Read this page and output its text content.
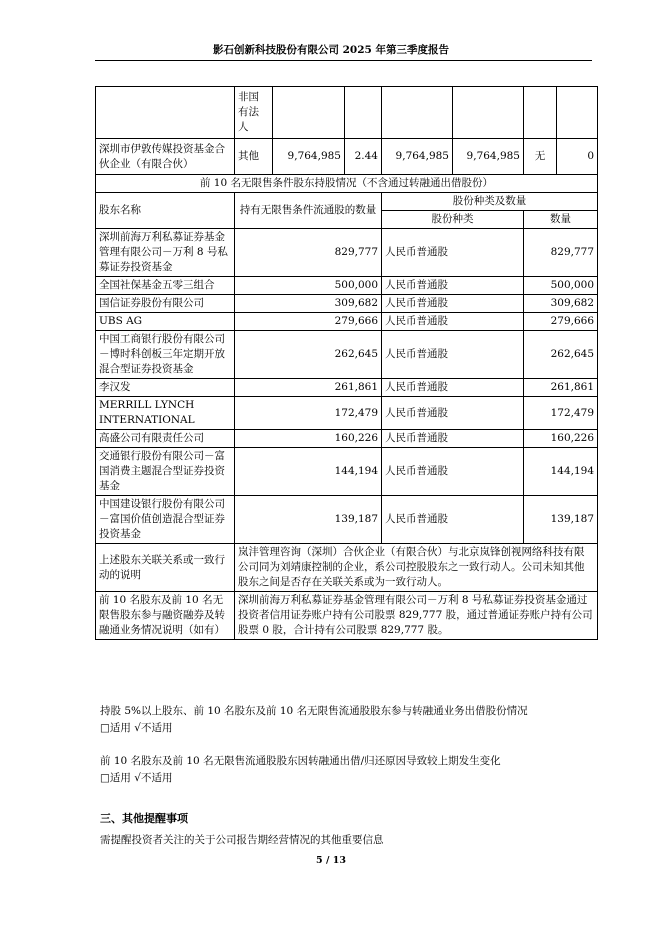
影石创新科技股份有限公司 2025 年第三季度报告
	非国有法人						
深圳市伊敦传媒投资基金合伙企业（有限合伙）	其他	9,764,985	2.44	9,764,985	9,764,985	无	0
前 10 名无限售条件股东持股情况（不含通过转融通出借股份）							
股东名称	持有无限售条件流通股的数量			股份种类及数量			
				股份种类		数量	
深圳前海万利私募证券基金管理有限公司－万利 8 号私募证券投资基金	829,777			人民币普通股		829,777	
全国社保基金五零三组合	500,000			人民币普通股		500,000	
国信证券股份有限公司	309,682			人民币普通股		309,682	
UBS AG	279,666			人民币普通股		279,666	
中国工商银行股份有限公司－博时科创板三年定期开放混合型证券投资基金	262,645			人民币普通股		262,645	
李汉发	261,861			人民币普通股		261,861	
MERRILL LYNCH INTERNATIONAL	172,479			人民币普通股		172,479	
高盛公司有限责任公司	160,226			人民币普通股		160,226	
交通银行股份有限公司－富国消费主题混合型证券投资基金	144,194			人民币普通股		144,194	
中国建设银行股份有限公司－富国价值创造混合型证券投资基金	139,187			人民币普通股		139,187	
上述股东关联关系或一致行动的说明	岚沣管理咨询（深圳）合伙企业（有限合伙）与北京岚锋创视网络科技有限公司同为刘靖康控制的企业，系公司控股股东之一致行动人。公司未知其他股东之间是否存在关联关系或为一致行动人。						
前 10 名股东及前 10 名无限售股东参与融资融券及转融通业务情况说明（如有）	深圳前海万利私募证券基金管理有限公司－万利 8 号私募证券投资基金通过投资者信用证券账户持有公司股票 829,777 股，通过普通证券账户持有公司股票 0 股，合计持有公司股票 829,777 股。						
持股 5%以上股东、前 10 名股东及前 10 名无限售流通股股东参与转融通业务出借股份情况
□适用 √不适用
前 10 名股东及前 10 名无限售流通股股东因转融通出借/归还原因导致较上期发生变化
□适用 √不适用
三、其他提醒事项
需提醒投资者关注的关于公司报告期经营情况的其他重要信息
5 / 13
